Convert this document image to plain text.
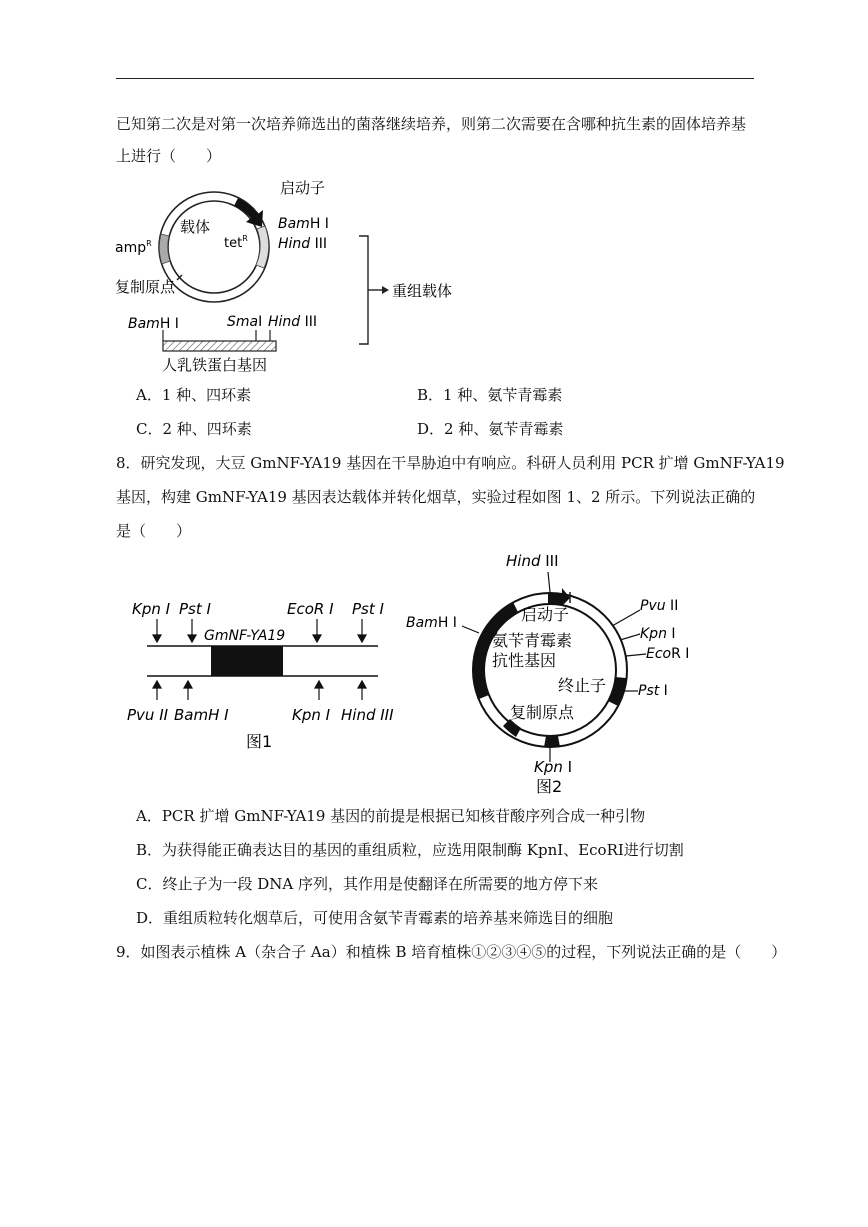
已知第二次是对第一次培养筛选出的菌落继续培养，则第二次需要在含哪种抗生素的固体培养基
上进行（　　）
启动子
载体
tet$^R$
amp$^R$
BamH I
Hind III
复制原点	重组载体
BamH I	SmaI Hind III
人乳铁蛋白基因
A．1 种、四环素	B．1 种、氨苄青霉素
C．2 种、四环素	D．2 种、氨苄青霉素
8．研究发现，大豆 GmNF-YA19 基因在干旱胁迫中有响应。科研人员利用 PCR 扩增 GmNF-YA19
基因，构建 GmNF-YA19 基因表达载体并转化烟草，实验过程如图 1、2 所示。下列说法正确的
是（　　）
Kpn I Pst I	EcoR I Pst I
GmNF-YA19
Pvu II BamH I	Kpn I Hind III
图1
Hind III
启动子
氨苄青霉素
抗性基因
终止子
复制原点
BamH I
Pvu II
Kpn I
EcoR I
Pst I
Kpn I
图2
A．PCR 扩增 GmNF-YA19 基因的前提是根据已知核苷酸序列合成一种引物
B．为获得能正确表达目的基因的重组质粒，应选用限制酶 KpnⅠ、EcoRⅠ进行切割
C．终止子为一段 DNA 序列，其作用是使翻译在所需要的地方停下来
D．重组质粒转化烟草后，可使用含氨苄青霉素的培养基来筛选目的细胞
9．如图表示植株 A（杂合子 Aa）和植株 B 培育植株①②③④⑤的过程，下列说法正确的是（　　）
